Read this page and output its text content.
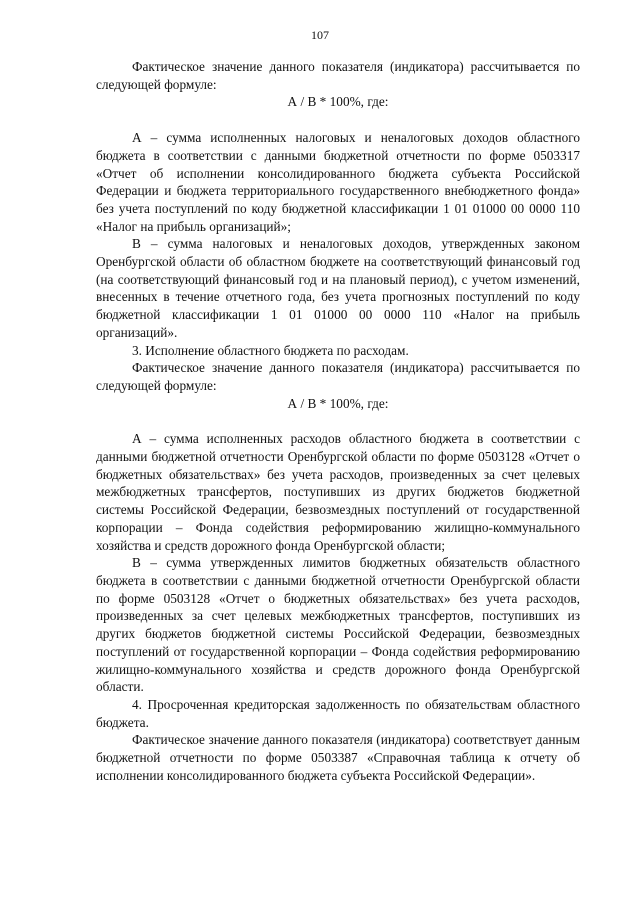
107

Фактическое значение данного показателя (индикатора) рассчитывается по следующей формуле:

А / В * 100%, где:

А – сумма исполненных налоговых и неналоговых доходов областного бюджета в соответствии с данными бюджетной отчетности по форме 0503317 «Отчет об исполнении консолидированного бюджета субъекта Российской Федерации и бюджета территориального государственного внебюджетного фонда» без учета поступлений по коду бюджетной классификации 1 01 01000 00 0000 110 «Налог на прибыль организаций»;

В – сумма налоговых и неналоговых доходов, утвержденных законом Оренбургской области об областном бюджете на соответствующий финансовый год (на соответствующий финансовый год и на плановый период), с учетом изменений, внесенных в течение отчетного года, без учета прогнозных поступлений по коду бюджетной классификации 1 01 01000 00 0000 110 «Налог на прибыль организаций».

3. Исполнение областного бюджета по расходам.

Фактическое значение данного показателя (индикатора) рассчитывается по следующей формуле:

А / В * 100%, где:

А – сумма исполненных расходов областного бюджета в соответствии с данными бюджетной отчетности Оренбургской области по форме 0503128 «Отчет о бюджетных обязательствах» без учета расходов, произведенных за счет целевых межбюджетных трансфертов, поступивших из других бюджетов бюджетной системы Российской Федерации, безвозмездных поступлений от государственной корпорации – Фонда содействия реформированию жилищно-коммунального хозяйства и средств дорожного фонда Оренбургской области;

В – сумма утвержденных лимитов бюджетных обязательств областного бюджета в соответствии с данными бюджетной отчетности Оренбургской области по форме 0503128 «Отчет о бюджетных обязательствах» без учета расходов, произведенных за счет целевых межбюджетных трансфертов, поступивших из других бюджетов бюджетной системы Российской Федерации, безвозмездных поступлений от государственной корпорации – Фонда содействия реформированию жилищно-коммунального хозяйства и средств дорожного фонда Оренбургской области.

4. Просроченная кредиторская задолженность по обязательствам областного бюджета.

Фактическое значение данного показателя (индикатора) соответствует данным бюджетной отчетности по форме 0503387 «Справочная таблица к отчету об исполнении консолидированного бюджета субъекта Российской Федерации».
